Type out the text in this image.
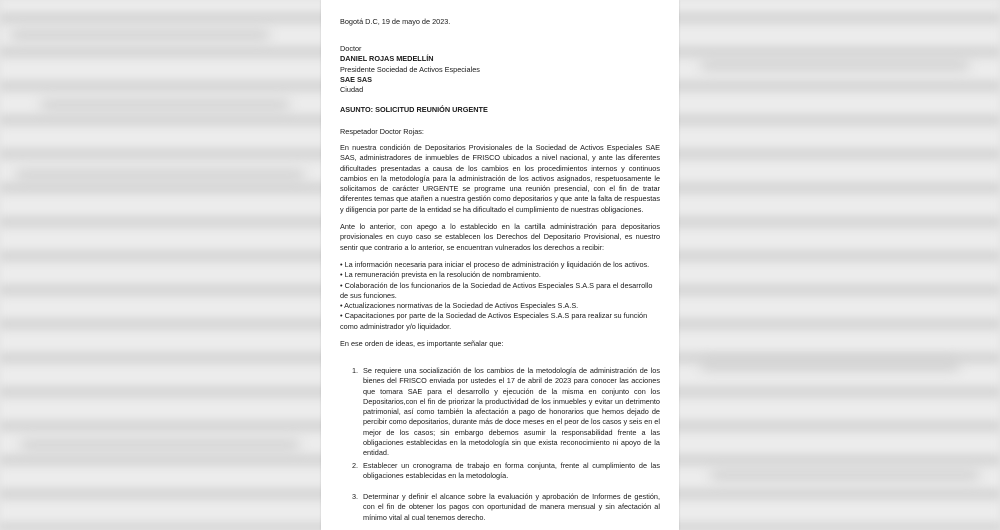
Bogotá D.C, 19 de mayo de 2023.
Doctor
DANIEL ROJAS MEDELLÍN
Presidente Sociedad de Activos Especiales
SAE SAS
Ciudad
ASUNTO: SOLICITUD REUNIÓN URGENTE
Respetador Doctor Rojas:
En nuestra condición de Depositarios Provisionales de la Sociedad de Activos Especiales SAE SAS, administradores de inmuebles de FRISCO ubicados a nivel nacional, y ante las diferentes dificultades presentadas a causa de los cambios en los procedimientos internos y continuos cambios en la metodología para la administración de los activos asignados, respetuosamente le solicitamos de carácter URGENTE se programe una reunión presencial, con el fin de tratar diferentes temas que atañen a nuestra gestión como depositarios y que ante la falta de respuestas y diligencia por parte de la entidad se ha dificultado el cumplimiento de nuestras obligaciones.
Ante lo anterior, con apego a lo establecido en la cartilla administración para depositarios provisionales en cuyo caso se establecen los Derechos del Depositario Provisional, es nuestro sentir que contrario a lo anterior, se encuentran vulnerados los derechos a recibir:
• La información necesaria para iniciar el proceso de administración y liquidación de los activos.
• La remuneración prevista en la resolución de nombramiento.
• Colaboración de los funcionarios de la Sociedad de Activos Especiales S.A.S para el desarrollo de sus funciones.
• Actualizaciones normativas de la Sociedad de Activos Especiales S.A.S.
• Capacitaciones por parte de la Sociedad de Activos Especiales S.A.S para realizar su función como administrador y/o liquidador.
En ese orden de ideas, es importante señalar que:
1. Se requiere una socialización de los cambios de la metodología de administración de los bienes del FRISCO enviada por ustedes el 17 de abril de 2023 para conocer las acciones que tomara SAE para el desarrollo y ejecución de la misma en conjunto con los Depositarios,con el fin de priorizar la productividad de los inmuebles y evitar un detrimento patrimonial, así como también la afectación a pago de honorarios que hemos dejado de percibir como depositarios, durante más de doce meses en el peor de los casos y seis en el mejor de los casos; sin embargo debemos asumir la responsabilidad frente a las obligaciones establecidas en la metodología sin que exista reconocimiento ni apoyo de la entidad.
2. Establecer un cronograma de trabajo en forma conjunta, frente al cumplimiento de las obligaciones establecidas en la metodología.
3. Determinar y definir el alcance sobre la evaluación y aprobación de Informes de gestión, con el fin de obtener los pagos con oportunidad de manera mensual y sin afectación al mínimo vital al cual tenemos derecho.
